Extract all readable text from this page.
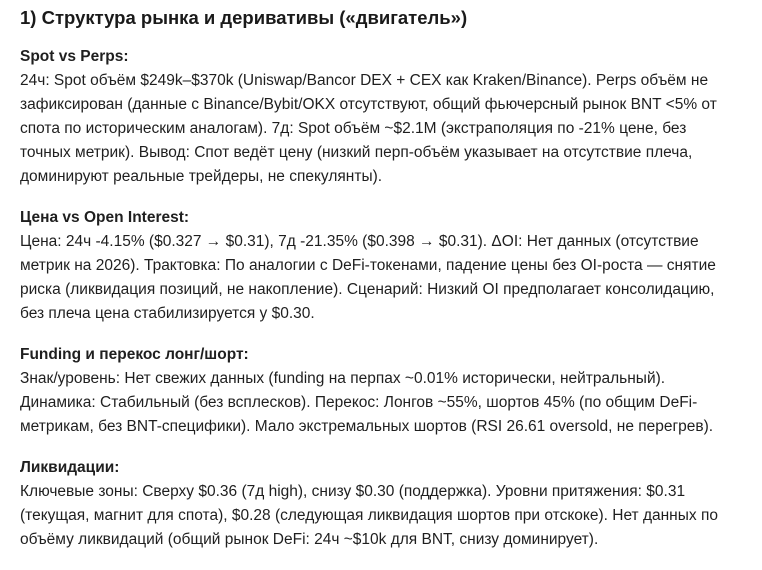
1) Структура рынка и деривативы («двигатель»)
Spot vs Perps:
24ч: Spot объём $249k–$370k (Uniswap/Bancor DEX + CEX как Kraken/Binance). Perps объём не зафиксирован (данные с Binance/Bybit/OKX отсутствуют, общий фьючерсный рынок BNT <5% от спота по историческим аналогам). 7д: Spot объём ~$2.1M (экстраполяция по -21% цене, без точных метрик). Вывод: Спот ведёт цену (низкий перп-объём указывает на отсутствие плеча, доминируют реальные трейдеры, не спекулянты).
Цена vs Open Interest:
Цена: 24ч -4.15% ($0.327 → $0.31), 7д -21.35% ($0.398 → $0.31). ΔOI: Нет данных (отсутствие метрик на 2026). Трактовка: По аналогии с DeFi-токенами, падение цены без OI-роста — снятие риска (ликвидация позиций, не накопление). Сценарий: Низкий OI предполагает консолидацию, без плеча цена стабилизируется у $0.30.
Funding и перекос лонг/шорт:
Знак/уровень: Нет свежих данных (funding на перпах ~0.01% исторически, нейтральный). Динамика: Стабильный (без всплесков). Перекос: Лонгов ~55%, шортов 45% (по общим DeFi-метрикам, без BNT-специфики). Мало экстремальных шортов (RSI 26.61 oversold, не перегрев).
Ликвидации:
Ключевые зоны: Сверху $0.36 (7д high), снизу $0.30 (поддержка). Уровни притяжения: $0.31 (текущая, магнит для спота), $0.28 (следующая ликвидация шортов при отскоке). Нет данных по объёму ликвидаций (общий рынок DeFi: 24ч ~$10k для BNT, снизу доминирует).
